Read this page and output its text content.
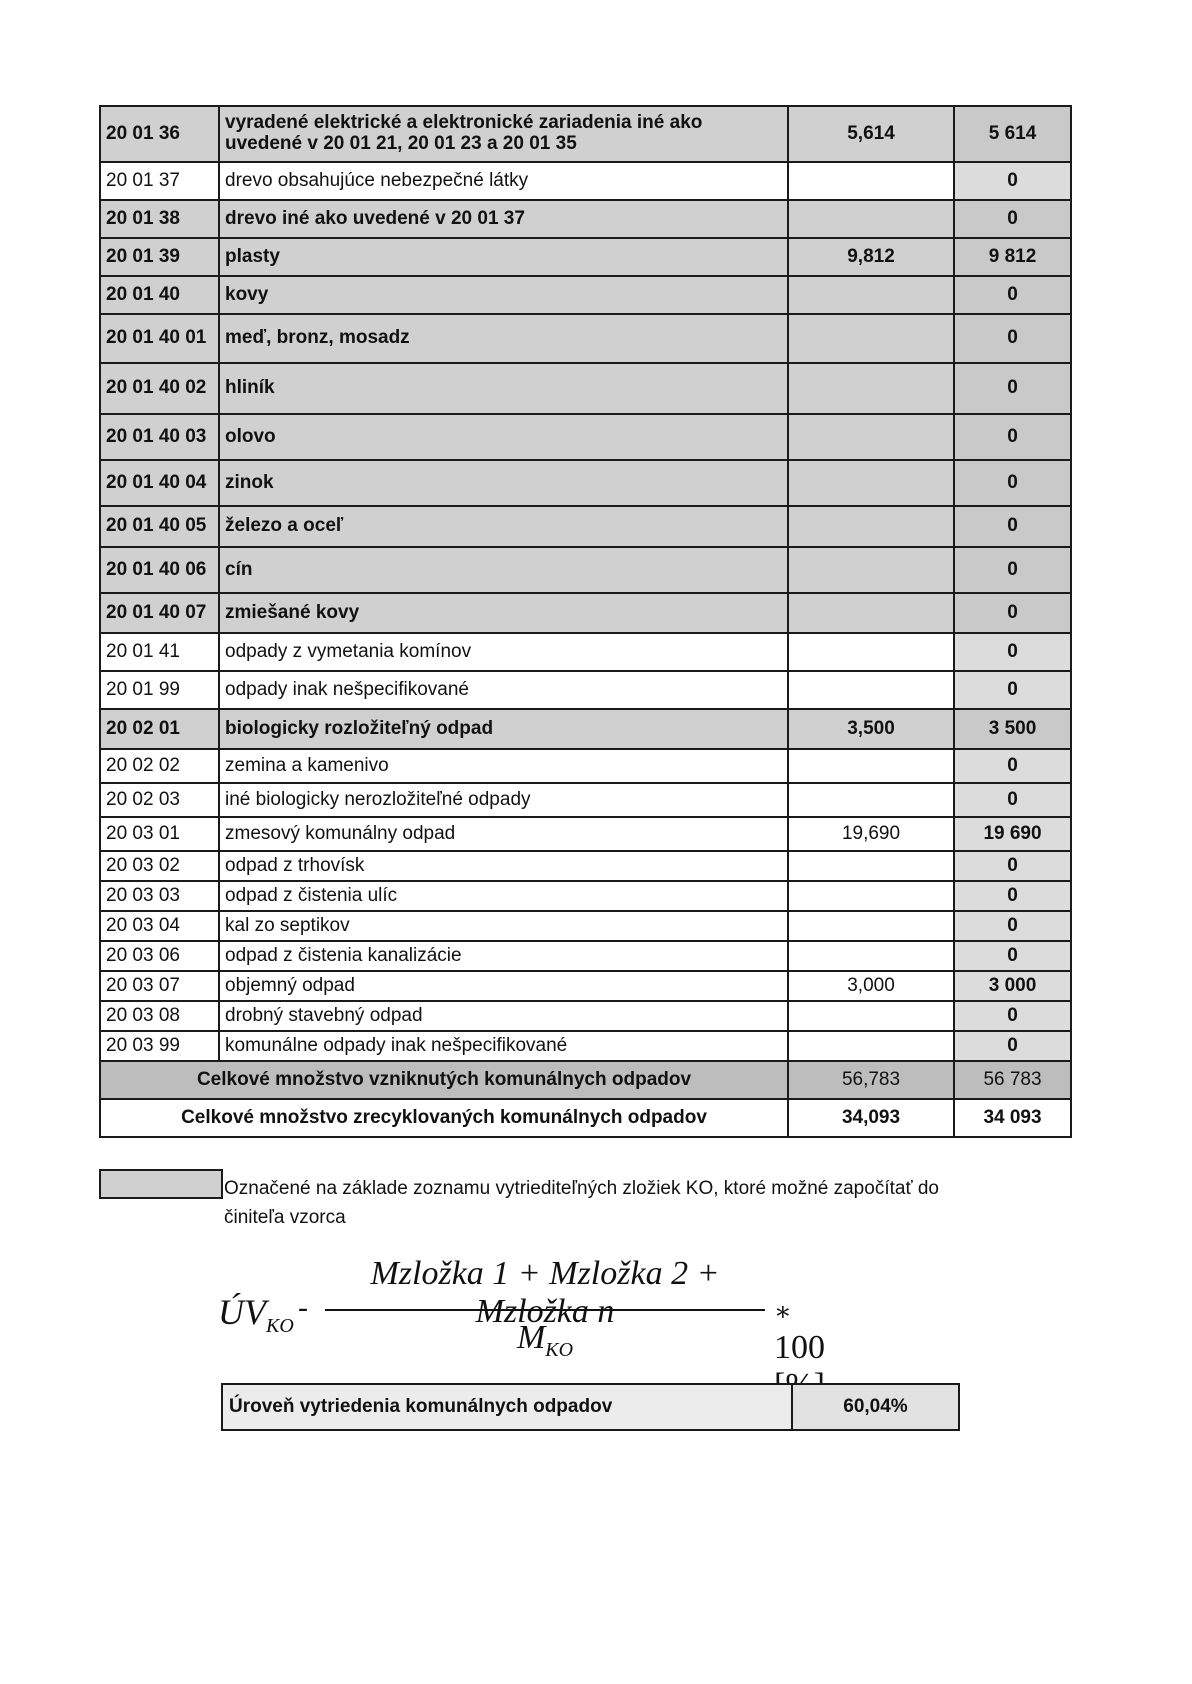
20 01 36	vyradené elektrické a elektronické zariadenia iné ako uvedené v 20 01 21, 20 01 23 a 20 01 35	5,614	5 614
20 01 37	drevo obsahujúce nebezpečné látky		0
20 01 38	drevo iné ako uvedené v 20 01 37		0
20 01 39	plasty	9,812	9 812
20 01 40	kovy		0
20 01 40 01	meď, bronz, mosadz		0
20 01 40 02	hliník		0
20 01 40 03	olovo		0
20 01 40 04	zinok		0
20 01 40 05	železo a oceľ		0
20 01 40 06	cín		0
20 01 40 07	zmiešané kovy		0
20 01 41	odpady z vymetania komínov		0
20 01 99	odpady inak nešpecifikované		0
20 02 01	biologicky rozložiteľný odpad	3,500	3 500
20 02 02	zemina a kamenivo		0
20 02 03	iné biologicky nerozložiteľné odpady		0
20 03 01	zmesový komunálny odpad	19,690	19 690
20 03 02	odpad z trhovísk		0
20 03 03	odpad z čistenia ulíc		0
20 03 04	kal zo septikov		0
20 03 06	odpad z čistenia kanalizácie		0
20 03 07	objemný odpad	3,000	3 000
20 03 08	drobný stavebný odpad		0
20 03 99	komunálne odpady inak nešpecifikované		0
Celkové množstvo vzniknutých komunálnych odpadov		56,783	56 783
Celkové množstvo zrecyklovaných komunálnych odpadov		34,093	34 093
Označené na základe zoznamu vytriediteľných zložiek KO, ktoré možné započítať do činiteľa vzorca
$ÚV_{KO}$
-
Mzložka 1 + Mzložka 2 + Mzložka n
$M_{KO}$
∗ 100
Úroveň vytriedenia komunálnych odpadov	60,04%
